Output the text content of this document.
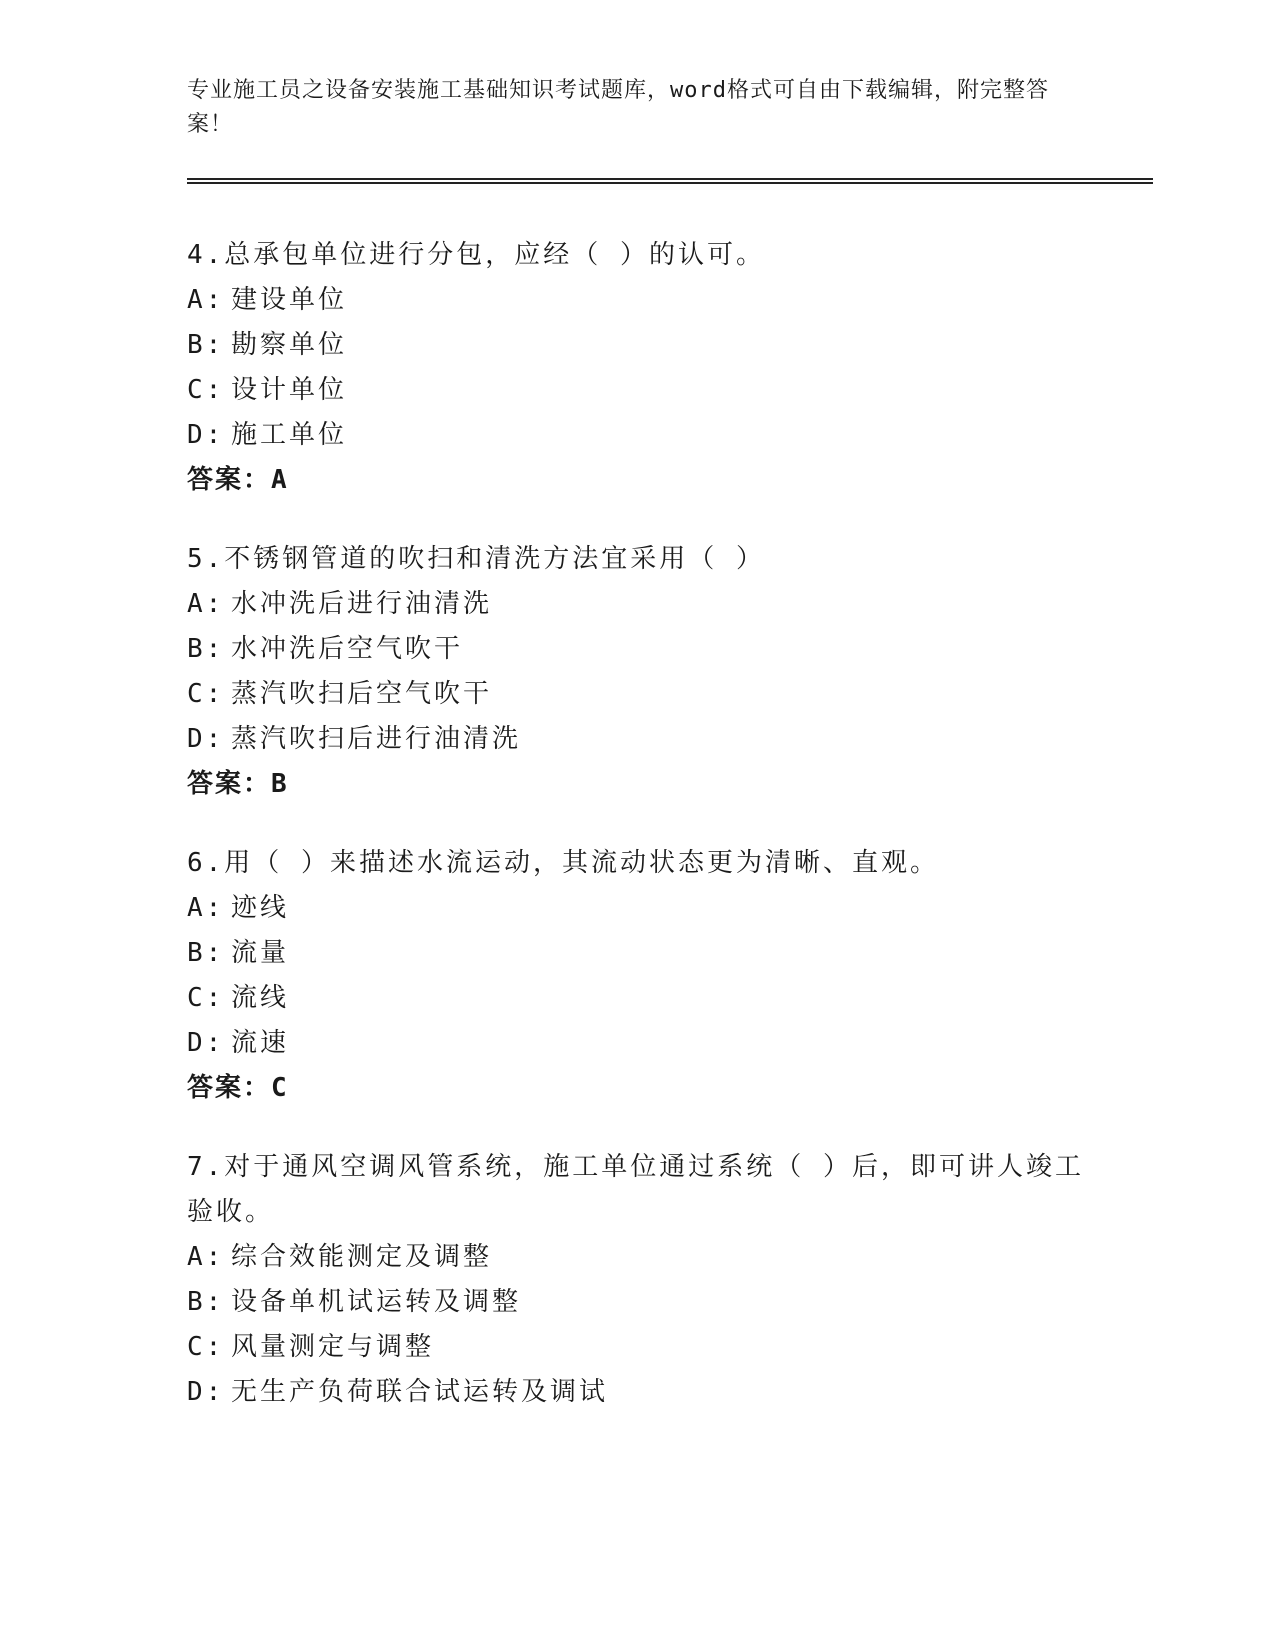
专业施工员之设备安装施工基础知识考试题库，word格式可自由下载编辑，附完整答案！
4.总承包单位进行分包，应经（ ）的认可。
A: 建设单位
B: 勘察单位
C: 设计单位
D: 施工单位
答案：A
5.不锈钢管道的吹扫和清洗方法宜采用（ ）
A: 水冲洗后进行油清洗
B: 水冲洗后空气吹干
C: 蒸汽吹扫后空气吹干
D: 蒸汽吹扫后进行油清洗
答案：B
6.用（ ）来描述水流运动，其流动状态更为清晰、直观。
A: 迹线
B: 流量
C: 流线
D: 流速
答案：C
7.对于通风空调风管系统，施工单位通过系统（ ）后，即可讲人竣工验收。
A: 综合效能测定及调整
B: 设备单机试运转及调整
C: 风量测定与调整
D: 无生产负荷联合试运转及调试
